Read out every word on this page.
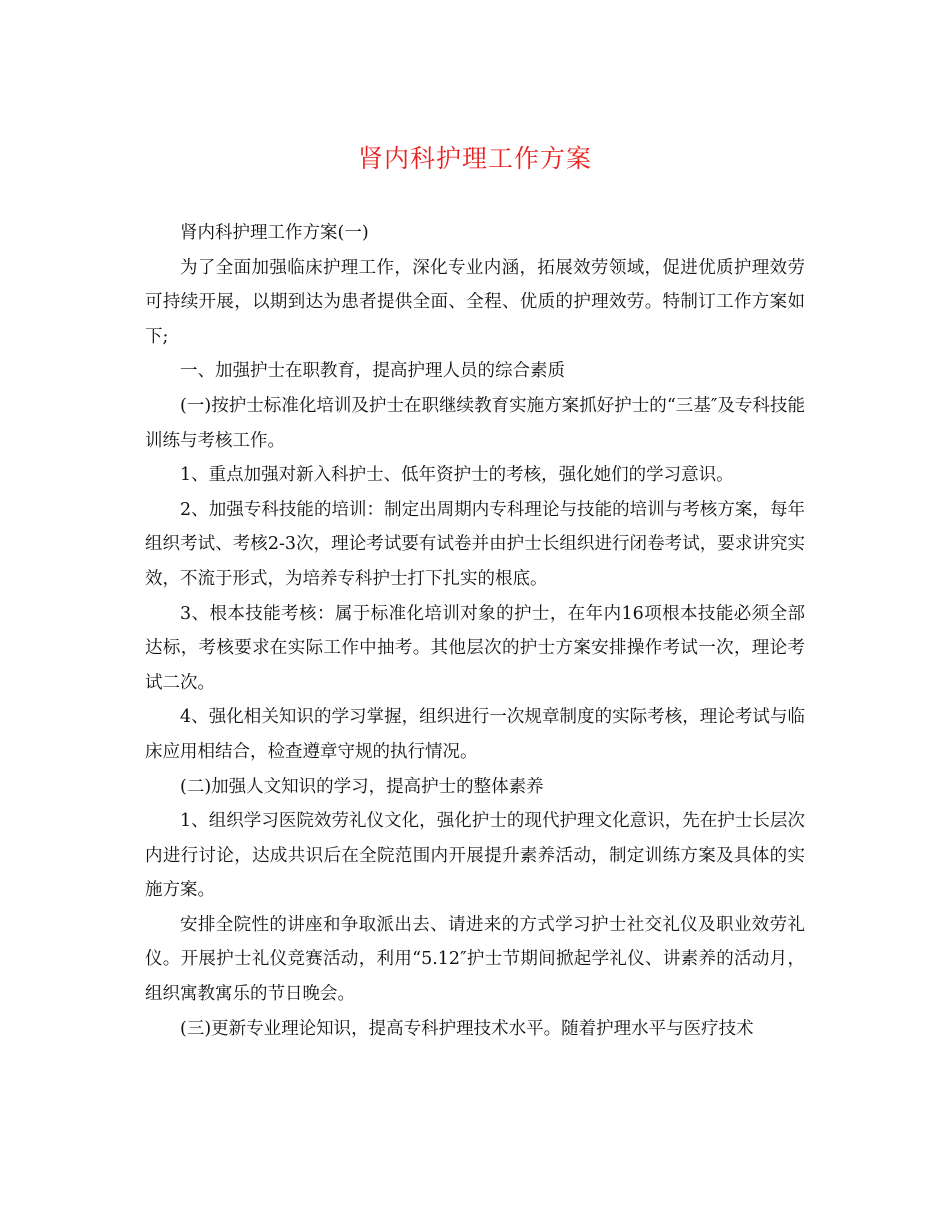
肾内科护理工作方案

肾内科护理工作方案(一)

为了全面加强临床护理工作，深化专业内涵，拓展效劳领域，促进优质护理效劳可持续开展，以期到达为患者提供全面、全程、优质的护理效劳。特制订工作方案如下;

一、加强护士在职教育，提高护理人员的综合素质

(一)按护士标准化培训及护士在职继续教育实施方案抓好护士的“三基″及专科技能训练与考核工作。

1、重点加强对新入科护士、低年资护士的考核，强化她们的学习意识。

2、加强专科技能的培训：制定出周期内专科理论与技能的培训与考核方案，每年组织考试、考核2-3次，理论考试要有试卷并由护士长组织进行闭卷考试，要求讲究实效，不流于形式，为培养专科护士打下扎实的根底。

3、根本技能考核：属于标准化培训对象的护士，在年内16项根本技能必须全部达标，考核要求在实际工作中抽考。其他层次的护士方案安排操作考试一次，理论考试二次。

4、强化相关知识的学习掌握，组织进行一次规章制度的实际考核，理论考试与临床应用相结合，检查遵章守规的执行情况。

(二)加强人文知识的学习，提高护士的整体素养

1、组织学习医院效劳礼仪文化，强化护士的现代护理文化意识，先在护士长层次内进行讨论，达成共识后在全院范围内开展提升素养活动，制定训练方案及具体的实施方案。

安排全院性的讲座和争取派出去、请进来的方式学习护士社交礼仪及职业效劳礼仪。开展护士礼仪竞赛活动，利用“5.12″护士节期间掀起学礼仪、讲素养的活动月，组织寓教寓乐的节日晚会。

(三)更新专业理论知识，提高专科护理技术水平。随着护理水平与医疗技术
